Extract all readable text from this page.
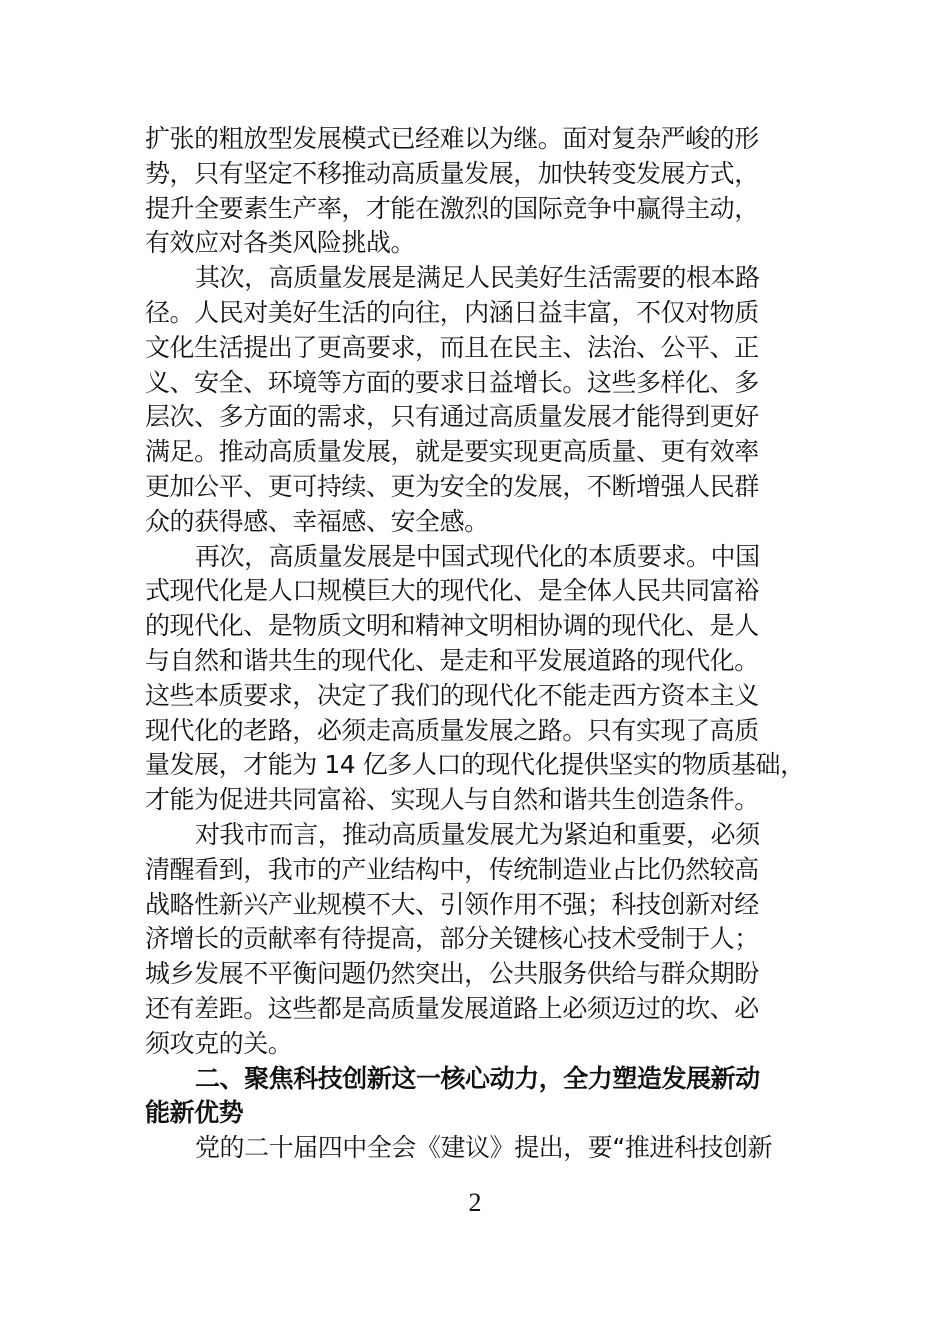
扩张的粗放型发展模式已经难以为继。面对复杂严峻的形
势，只有坚定不移推动高质量发展，加快转变发展方式，
提升全要素生产率，才能在激烈的国际竞争中赢得主动，
有效应对各类风险挑战。
其次，高质量发展是满足人民美好生活需要的根本路
径。人民对美好生活的向往，内涵日益丰富，不仅对物质
文化生活提出了更高要求，而且在民主、法治、公平、正
义、安全、环境等方面的要求日益增长。这些多样化、多
层次、多方面的需求，只有通过高质量发展才能得到更好
满足。推动高质量发展，就是要实现更高质量、更有效率
更加公平、更可持续、更为安全的发展，不断增强人民群
众的获得感、幸福感、安全感。
再次，高质量发展是中国式现代化的本质要求。中国
式现代化是人口规模巨大的现代化、是全体人民共同富裕
的现代化、是物质文明和精神文明相协调的现代化、是人
与自然和谐共生的现代化、是走和平发展道路的现代化。
这些本质要求，决定了我们的现代化不能走西方资本主义
现代化的老路，必须走高质量发展之路。只有实现了高质
量发展，才能为 14 亿多人口的现代化提供坚实的物质基础，
才能为促进共同富裕、实现人与自然和谐共生创造条件。
对我市而言，推动高质量发展尤为紧迫和重要，必须
清醒看到，我市的产业结构中，传统制造业占比仍然较高
战略性新兴产业规模不大、引领作用不强；科技创新对经
济增长的贡献率有待提高，部分关键核心技术受制于人；
城乡发展不平衡问题仍然突出，公共服务供给与群众期盼
还有差距。这些都是高质量发展道路上必须迈过的坎、必
须攻克的关。
二、聚焦科技创新这一核心动力，全力塑造发展新动
能新优势
党的二十届四中全会《建议》提出，要“推进科技创新
2
